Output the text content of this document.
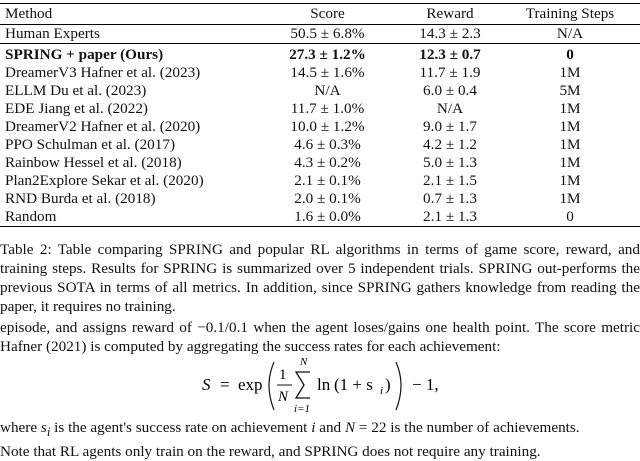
Method	Score	Reward	Training Steps
Human Experts	50.5 ± 6.8%	14.3 ± 2.3	N/A
SPRING + paper (Ours)	27.3 ± 1.2%	12.3 ± 0.7	0
DreamerV3 Hafner et al. (2023)	14.5 ± 1.6%	11.7 ± 1.9	1M
ELLM Du et al. (2023)	N/A	6.0 ± 0.4	5M
EDE Jiang et al. (2022)	11.7 ± 1.0%	N/A	1M
DreamerV2 Hafner et al. (2020)	10.0 ± 1.2%	9.0 ± 1.7	1M
PPO Schulman et al. (2017)	4.6 ± 0.3%	4.2 ± 1.2	1M
Rainbow Hessel et al. (2018)	4.3 ± 0.2%	5.0 ± 1.3	1M
Plan2Explore Sekar et al. (2020)	2.1 ± 0.1%	2.1 ± 1.5	1M
RND Burda et al. (2018)	2.0 ± 0.1%	0.7 ± 1.3	1M
Random	1.6 ± 0.0%	2.1 ± 1.3	0
Table 2: Table comparing SPRING and popular RL algorithms in terms of game score, reward, and training steps. Results for SPRING is summarized over 5 independent trials. SPRING out-performs the previous SOTA in terms of all metrics. In addition, since SPRING gathers knowledge from reading the paper, it requires no training.
episode, and assigns reward of −0.1/0.1 when the agent loses/gains one health point. The score metric Hafner (2021) is computed by aggregating the success rates for each achievement:
S = exp 1
N
N
i=1
ln (1 + s i ) − 1,
where $s_i$ is the agent's success rate on achievement i and N = 22 is the number of achievements.
Note that RL agents only train on the reward, and SPRING does not require any training.
